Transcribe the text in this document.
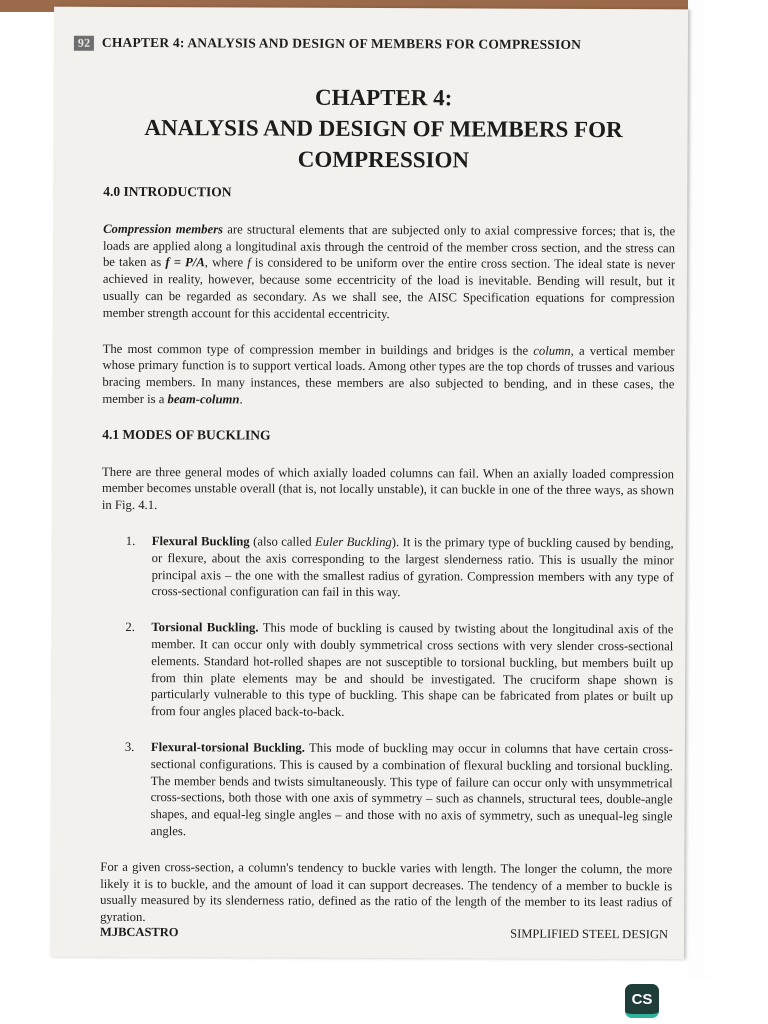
92 CHAPTER 4: ANALYSIS AND DESIGN OF MEMBERS FOR COMPRESSION
CHAPTER 4:
ANALYSIS AND DESIGN OF MEMBERS FOR
COMPRESSION
4.0 INTRODUCTION

Compression members are structural elements that are subjected only to axial compressive forces; that is, the loads are applied along a longitudinal axis through the centroid of the member cross section, and the stress can be taken as f = P/A, where f is considered to be uniform over the entire cross section. The ideal state is never achieved in reality, however, because some eccentricity of the load is inevitable. Bending will result, but it usually can be regarded as secondary. As we shall see, the AISC Specification equations for compression member strength account for this accidental eccentricity.

The most common type of compression member in buildings and bridges is the column, a vertical member whose primary function is to support vertical loads. Among other types are the top chords of trusses and various bracing members. In many instances, these members are also subjected to bending, and in these cases, the member is a beam-column.

4.1 MODES OF BUCKLING

There are three general modes of which axially loaded columns can fail. When an axially loaded compression member becomes unstable overall (that is, not locally unstable), it can buckle in one of the three ways, as shown in Fig. 4.1.

1. Flexural Buckling (also called Euler Buckling). It is the primary type of buckling caused by bending, or flexure, about the axis corresponding to the largest slenderness ratio. This is usually the minor principal axis – the one with the smallest radius of gyration. Compression members with any type of cross-sectional configuration can fail in this way.
2. Torsional Buckling. This mode of buckling is caused by twisting about the longitudinal axis of the member. It can occur only with doubly symmetrical cross sections with very slender cross-sectional elements. Standard hot-rolled shapes are not susceptible to torsional buckling, but members built up from thin plate elements may be and should be investigated. The cruciform shape shown is particularly vulnerable to this type of buckling. This shape can be fabricated from plates or built up from four angles placed back-to-back.
3. Flexural-torsional Buckling. This mode of buckling may occur in columns that have certain cross-sectional configurations. This is caused by a combination of flexural buckling and torsional buckling. The member bends and twists simultaneously. This type of failure can occur only with unsymmetrical cross-sections, both those with one axis of symmetry – such as channels, structural tees, double-angle shapes, and equal-leg single angles – and those with no axis of symmetry, such as unequal-leg single angles.

For a given cross-section, a column's tendency to buckle varies with length. The longer the column, the more likely it is to buckle, and the amount of load it can support decreases. The tendency of a member to buckle is usually measured by its slenderness ratio, defined as the ratio of the length of the member to its least radius of gyration.

MJBCASTRO	SIMPLIFIED STEEL DESIGN
CS
